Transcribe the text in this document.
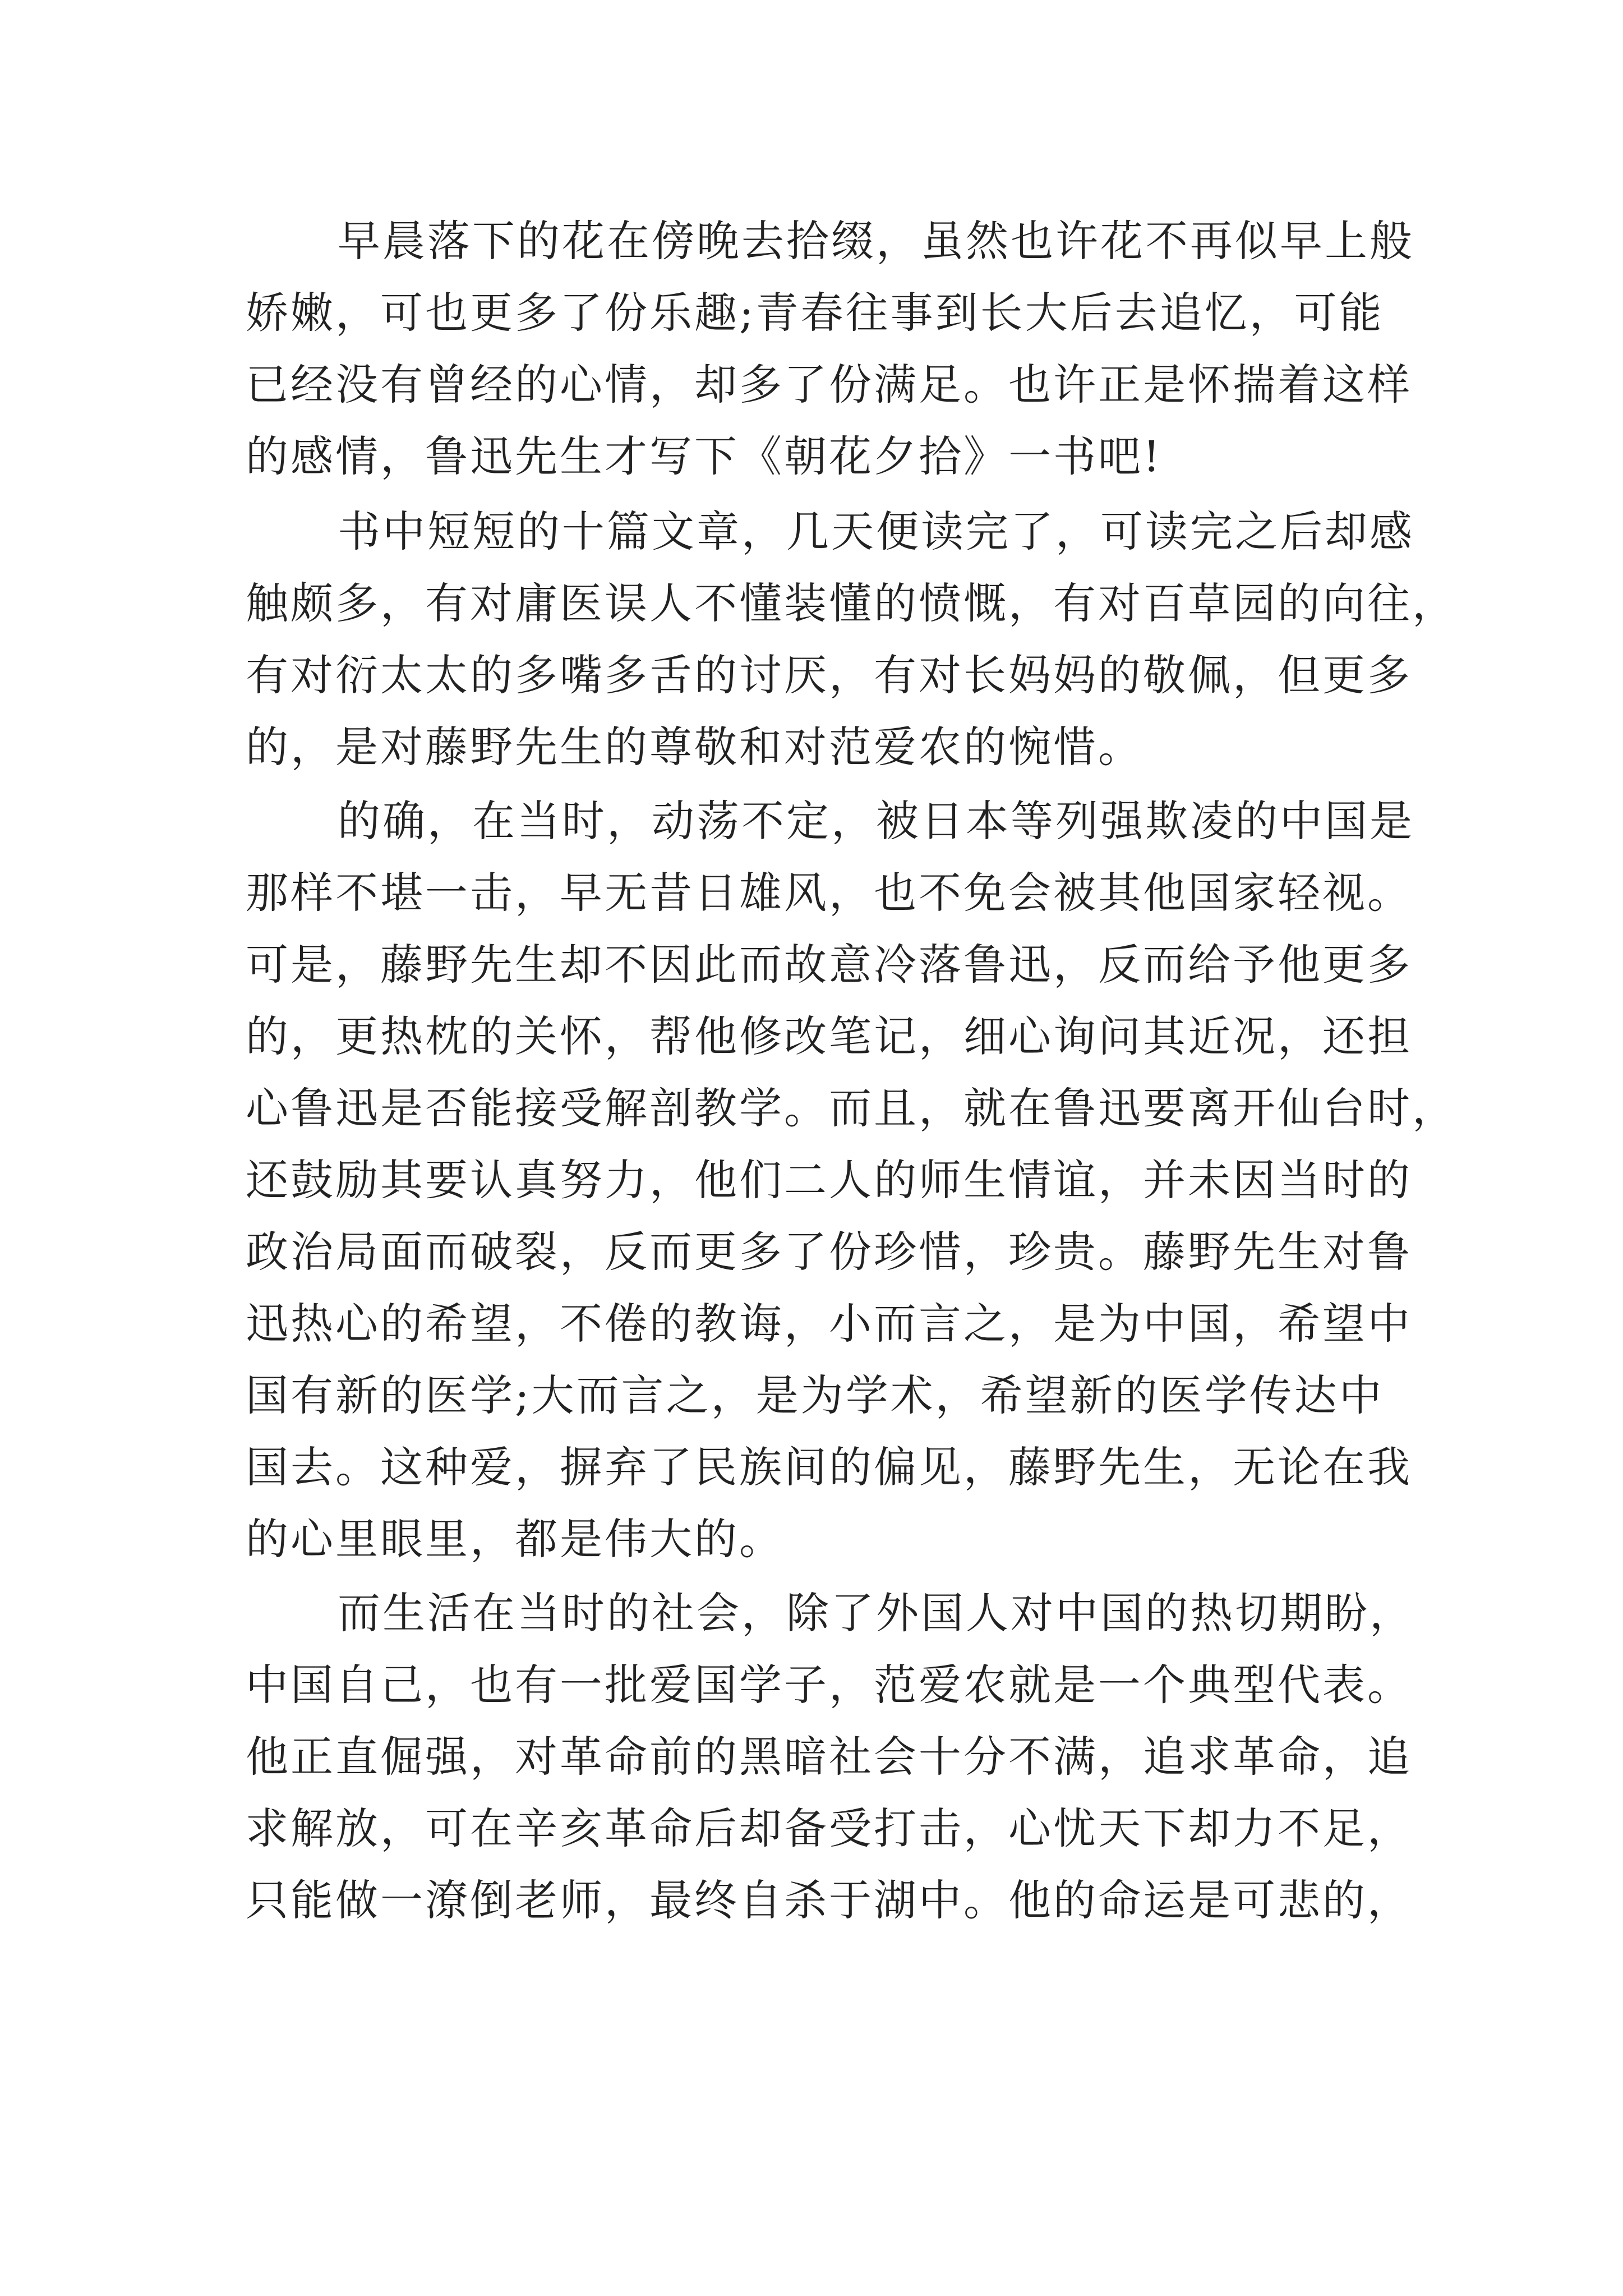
早晨落下的花在傍晚去拾缀，虽然也许花不再似早上般
娇嫩，可也更多了份乐趣;青春往事到长大后去追忆，可能
已经没有曾经的心情，却多了份满足。也许正是怀揣着这样
的感情，鲁迅先生才写下《朝花夕拾》一书吧!
书中短短的十篇文章，几天便读完了，可读完之后却感
触颇多，有对庸医误人不懂装懂的愤慨，有对百草园的向往，
有对衍太太的多嘴多舌的讨厌，有对长妈妈的敬佩，但更多
的，是对藤野先生的尊敬和对范爱农的惋惜。
的确，在当时，动荡不定，被日本等列强欺凌的中国是
那样不堪一击，早无昔日雄风，也不免会被其他国家轻视。
可是，藤野先生却不因此而故意冷落鲁迅，反而给予他更多
的，更热枕的关怀，帮他修改笔记，细心询问其近况，还担
心鲁迅是否能接受解剖教学。而且，就在鲁迅要离开仙台时，
还鼓励其要认真努力，他们二人的师生情谊，并未因当时的
政治局面而破裂，反而更多了份珍惜，珍贵。藤野先生对鲁
迅热心的希望，不倦的教诲，小而言之，是为中国，希望中
国有新的医学;大而言之，是为学术，希望新的医学传达中
国去。这种爱，摒弃了民族间的偏见，藤野先生，无论在我
的心里眼里，都是伟大的。
而生活在当时的社会，除了外国人对中国的热切期盼，
中国自己，也有一批爱国学子，范爱农就是一个典型代表。
他正直倔强，对革命前的黑暗社会十分不满，追求革命，追
求解放，可在辛亥革命后却备受打击，心忧天下却力不足，
只能做一潦倒老师，最终自杀于湖中。他的命运是可悲的，
